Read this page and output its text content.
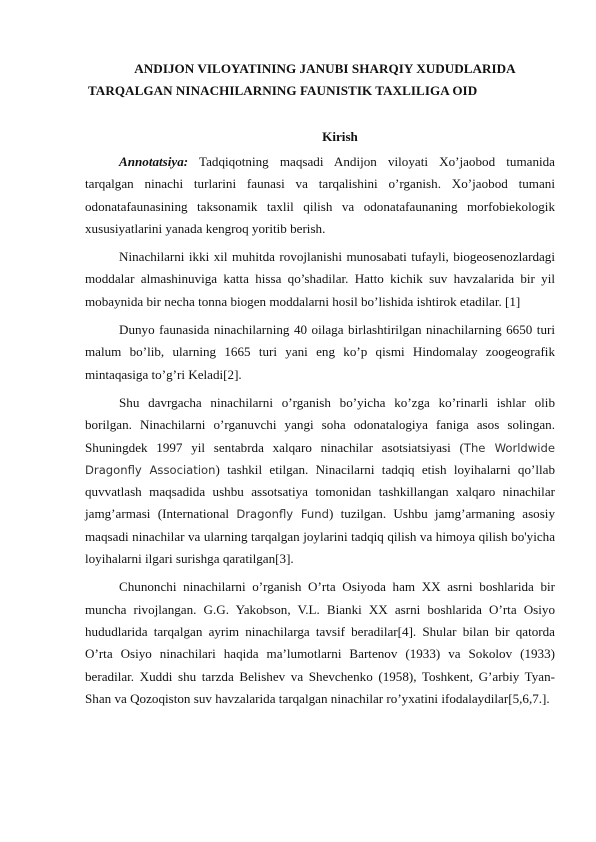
ANDIJON VILOYATINING JANUBI SHARQIY XUDUDLARIDA
TARQALGAN NINACHILARNING FAUNISTIK TAXLILIGA OID
Kirish

Annotatsiya: Tadqiqotning maqsadi Andijon viloyati Xo’jaobod tumanida tarqalgan ninachi turlarini faunasi va tarqalishini o’rganish. Xo’jaobod tumani odonatafaunasining taksonamik taxlil qilish va odonatafaunaning morfobiekologik xususiyatlarini yanada kengroq yoritib berish.

Ninachilarni ikki xil muhitda rovojlanishi munosabati tufayli, biogeosenozlardagi moddalar almashinuviga katta hissa qo’shadilar. Hatto kichik suv havzalarida bir yil mobaynida bir necha tonna biogen moddalarni hosil bo’lishida ishtirok etadilar. [1]

Dunyo faunasida ninachilarning 40 oilaga birlashtirilgan ninachilarning 6650 turi malum bo’lib, ularning 1665 turi yani eng ko’p qismi Hindomalay zoogeografik mintaqasiga to’g’ri Keladi[2].

Shu davrgacha ninachilarni o’rganish bo’yicha ko’zga ko’rinarli ishlar olib borilgan. Ninachilarni o’rganuvchi yangi soha odonatalogiya faniga asos solingan. Shuningdek 1997 yil sentabrda xalqaro ninachilar asotsiatsiyasi (The Worldwide Dragonfly Association) tashkil etilgan. Ninacilarni tadqiq etish loyihalarni qo’llab quvvatlash maqsadida ushbu assotsatiya tomonidan tashkillangan xalqaro ninachilar jamg’armasi (International Dragonfly Fund) tuzilgan. Ushbu jamg’armaning asosiy maqsadi ninachilar va ularning tarqalgan joylarini tadqiq qilish va himoya qilish bo'yicha loyihalarni ilgari surishga qaratilgan[3].

Chunonchi ninachilarni o’rganish O’rta Osiyoda ham XX asrni boshlarida bir muncha rivojlangan. G.G. Yakobson, V.L. Bianki XX asrni boshlarida O’rta Osiyo hududlarida tarqalgan ayrim ninachilarga tavsif beradilar[4]. Shular bilan bir qatorda O’rta Osiyo ninachilari haqida ma’lumotlarni Bartenov (1933) va Sokolov (1933) beradilar. Xuddi shu tarzda Belishev va Shevchenko (1958), Toshkent, G’arbiy Tyan-Shan va Qozoqiston suv havzalarida tarqalgan ninachilar ro’yxatini ifodalaydilar[5,6,7.].
